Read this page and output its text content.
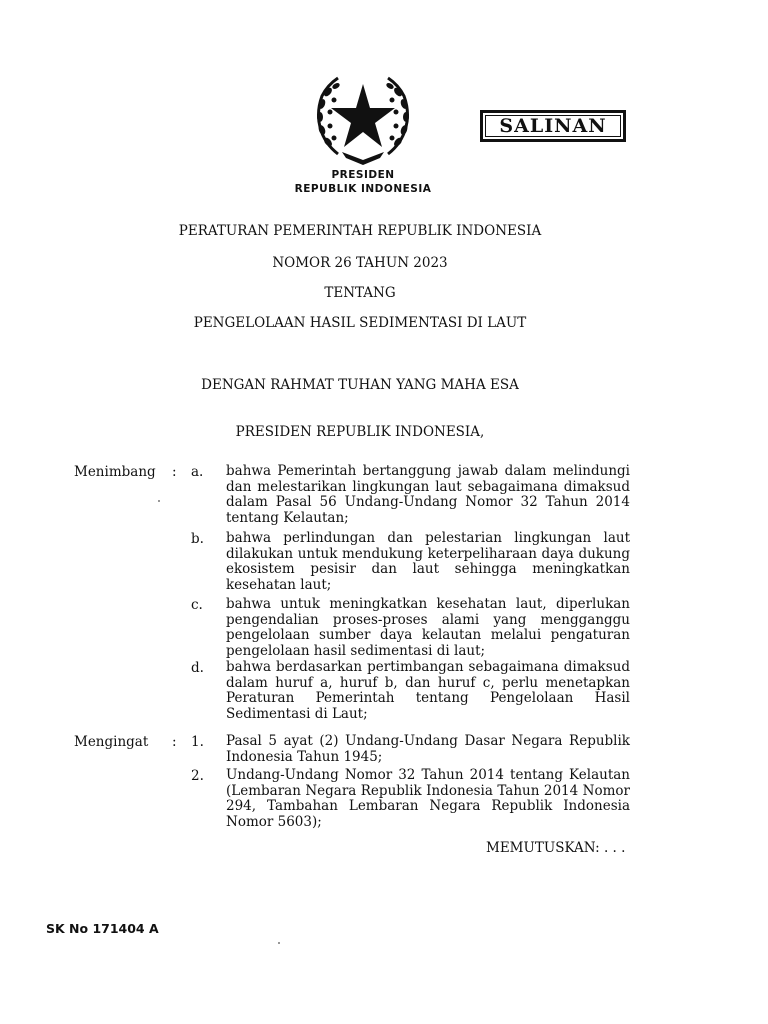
SALINAN
PRESIDEN
REPUBLIK INDONESIA
PERATURAN PEMERINTAH REPUBLIK INDONESIA
NOMOR 26 TAHUN 2023
TENTANG
PENGELOLAAN HASIL SEDIMENTASI DI LAUT
DENGAN RAHMAT TUHAN YANG MAHA ESA
PRESIDEN REPUBLIK INDONESIA,
Menimbang : a. bahwa Pemerintah bertanggung jawab dalam melindungi dan melestarikan lingkungan laut sebagaimana dimaksud dalam Pasal 56 Undang-Undang Nomor 32 Tahun 2014 tentang Kelautan;
b. bahwa perlindungan dan pelestarian lingkungan laut dilakukan untuk mendukung keterpeliharaan daya dukung ekosistem pesisir dan laut sehingga meningkatkan kesehatan laut;
c. bahwa untuk meningkatkan kesehatan laut, diperlukan pengendalian proses-proses alami yang mengganggu pengelolaan sumber daya kelautan melalui pengaturan pengelolaan hasil sedimentasi di laut;
d. bahwa berdasarkan pertimbangan sebagaimana dimaksud dalam huruf a, huruf b, dan huruf c, perlu menetapkan Peraturan Pemerintah tentang Pengelolaan Hasil Sedimentasi di Laut;
Mengingat : 1. Pasal 5 ayat (2) Undang-Undang Dasar Negara Republik Indonesia Tahun 1945;
2. Undang-Undang Nomor 32 Tahun 2014 tentang Kelautan (Lembaran Negara Republik Indonesia Tahun 2014 Nomor 294, Tambahan Lembaran Negara Republik Indonesia Nomor 5603);
MEMUTUSKAN: . . .
SK No 171404 A
